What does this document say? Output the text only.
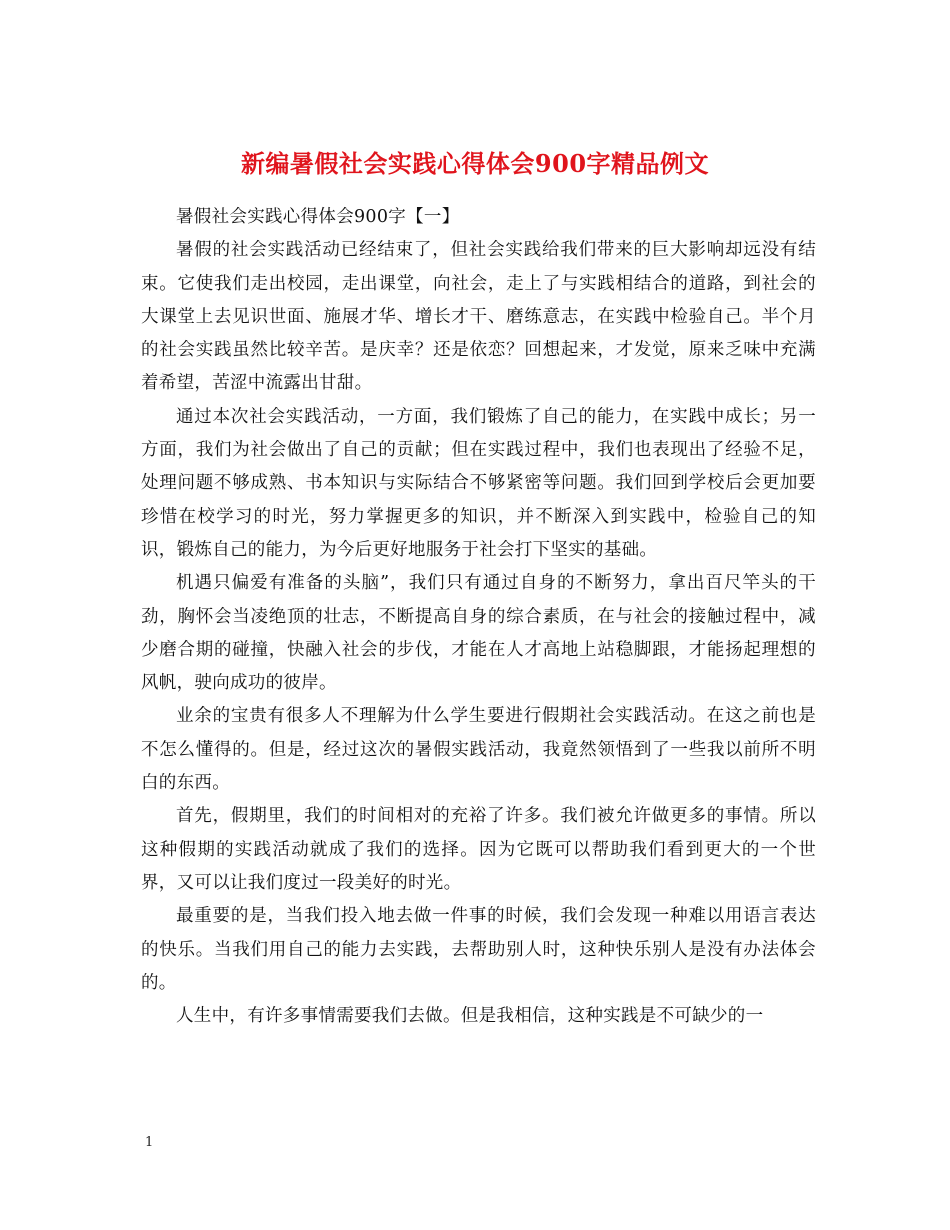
新编暑假社会实践心得体会900字精品例文

暑假社会实践心得体会900字【一】

暑假的社会实践活动已经结束了，但社会实践给我们带来的巨大影响却远没有结束。它使我们走出校园，走出课堂，向社会，走上了与实践相结合的道路，到社会的大课堂上去见识世面、施展才华、增长才干、磨练意志，在实践中检验自己。半个月的社会实践虽然比较辛苦。是庆幸？还是依恋？回想起来，才发觉，原来乏味中充满着希望，苦涩中流露出甘甜。

通过本次社会实践活动，一方面，我们锻炼了自己的能力，在实践中成长；另一方面，我们为社会做出了自己的贡献；但在实践过程中，我们也表现出了经验不足，处理问题不够成熟、书本知识与实际结合不够紧密等问题。我们回到学校后会更加要珍惜在校学习的时光，努力掌握更多的知识，并不断深入到实践中，检验自己的知识，锻炼自己的能力，为今后更好地服务于社会打下坚实的基础。

机遇只偏爱有准备的头脑”，我们只有通过自身的不断努力，拿出百尺竿头的干劲，胸怀会当凌绝顶的壮志，不断提高自身的综合素质，在与社会的接触过程中，减少磨合期的碰撞，快融入社会的步伐，才能在人才高地上站稳脚跟，才能扬起理想的风帆，驶向成功的彼岸。

业余的宝贵有很多人不理解为什么学生要进行假期社会实践活动。在这之前也是不怎么懂得的。但是，经过这次的暑假实践活动，我竟然领悟到了一些我以前所不明白的东西。

首先，假期里，我们的时间相对的充裕了许多。我们被允许做更多的事情。所以这种假期的实践活动就成了我们的选择。因为它既可以帮助我们看到更大的一个世界，又可以让我们度过一段美好的时光。

最重要的是，当我们投入地去做一件事的时候，我们会发现一种难以用语言表达的快乐。当我们用自己的能力去实践，去帮助别人时，这种快乐别人是没有办法体会的。

人生中，有许多事情需要我们去做。但是我相信，这种实践是不可缺少的一

1
